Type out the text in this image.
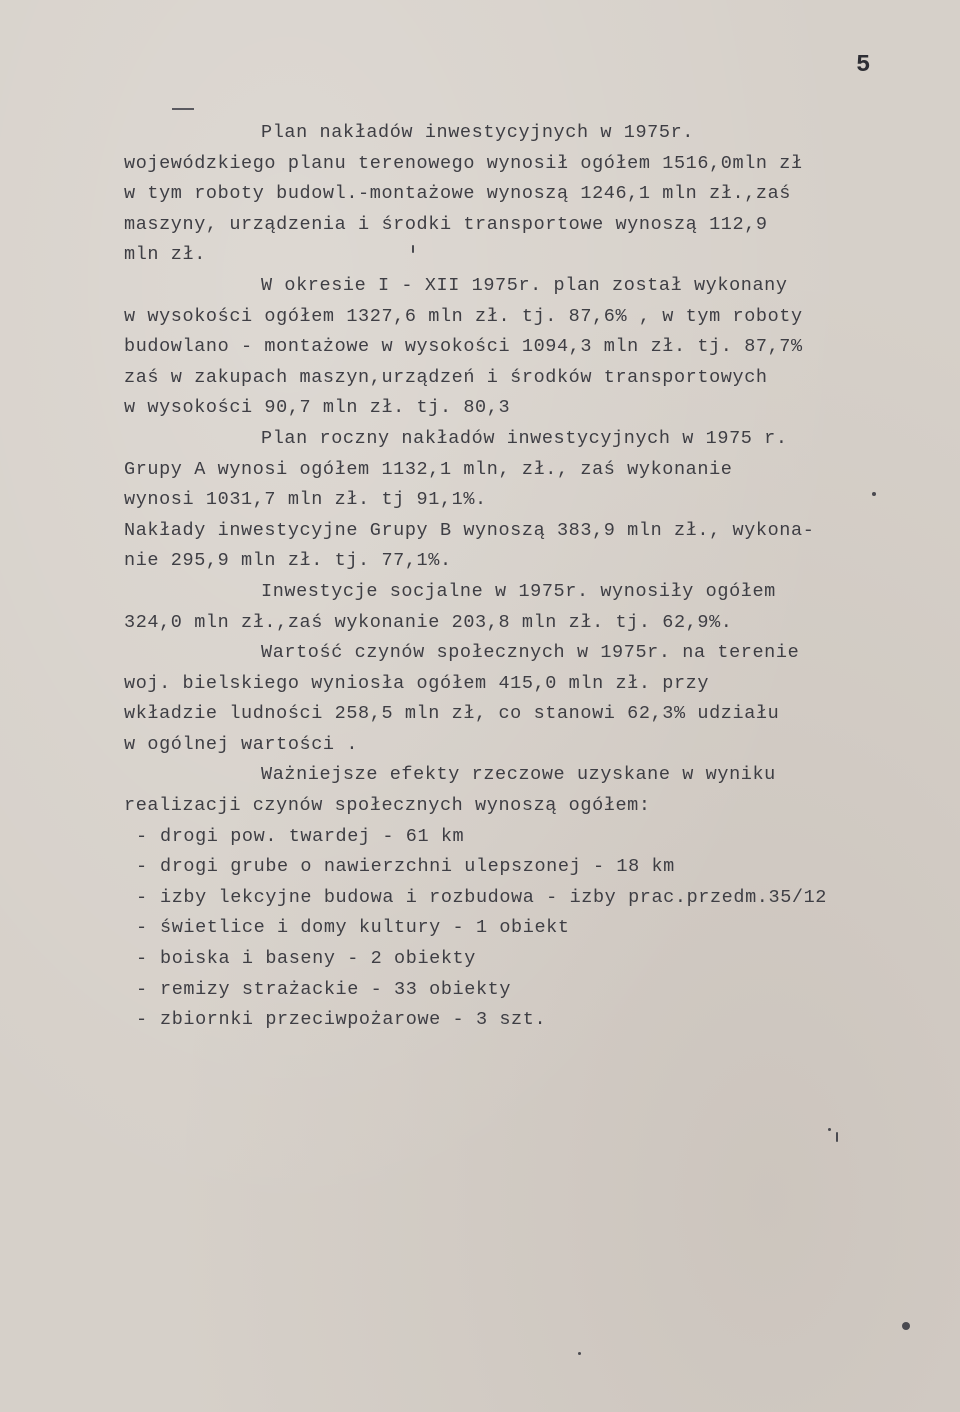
5
Plan nakładów inwestycyjnych w 1975r.
wojewódzkiego planu terenowego wynosił ogółem 1516,0mln zł
w tym roboty budowl.-montażowe wynoszą 1246,1 mln zł.,zaś
maszyny, urządzenia i środki transportowe wynoszą 112,9
mln zł.
W okresie I - XII 1975r. plan został wykonany
w wysokości ogółem 1327,6 mln zł. tj. 87,6% , w tym roboty
budowlano - montażowe w wysokości 1094,3 mln zł. tj. 87,7%
zaś w zakupach maszyn,urządzeń i środków transportowych
w wysokości 90,7 mln zł. tj. 80,3
Plan roczny nakładów inwestycyjnych w 1975 r.
Grupy A wynosi ogółem 1132,1 mln, zł., zaś wykonanie
wynosi 1031,7 mln zł. tj 91,1%.
Nakłady inwestycyjne Grupy B wynoszą 383,9 mln zł., wykona-
nie 295,9 mln zł. tj. 77,1%.
Inwestycje socjalne w 1975r. wynosiły ogółem
324,0 mln zł.,zaś wykonanie 203,8 mln zł. tj. 62,9%.
Wartość czynów społecznych w 1975r. na terenie
woj. bielskiego wyniosła ogółem 415,0 mln zł. przy
wkładzie ludności 258,5 mln zł, co stanowi 62,3% udziału
w ogólnej wartości .
Ważniejsze efekty rzeczowe uzyskane w wyniku
realizacji czynów społecznych wynoszą ogółem:
- drogi pow. twardej - 61 km
- drogi grube o nawierzchni ulepszonej - 18 km
- izby lekcyjne budowa i rozbudowa - izby prac.przedm.35/12
- świetlice i domy kultury - 1 obiekt
- boiska i baseny - 2 obiekty
- remizy strażackie - 33 obiekty
- zbiornki przeciwpożarowe - 3 szt.
